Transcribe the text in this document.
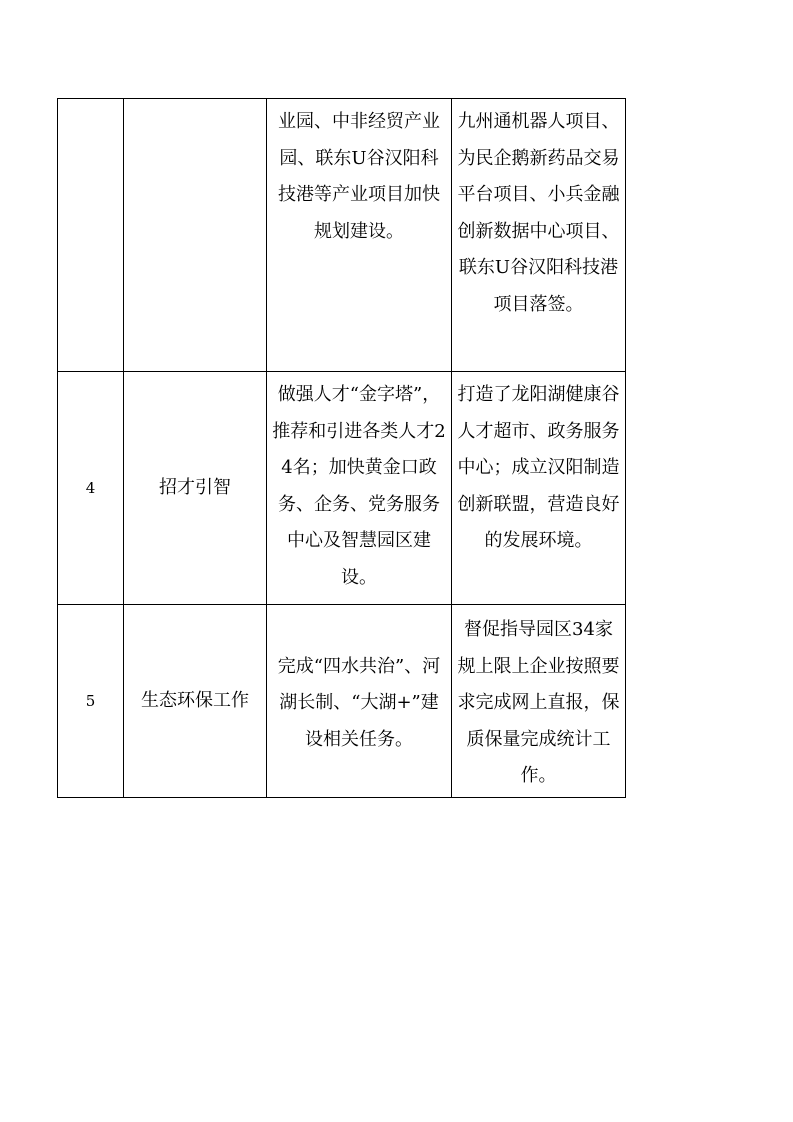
		业园、中非经贸产业园、联东U谷汉阳科技港等产业项目加快规划建设。	九州通机器人项目、为民企鹅新药品交易平台项目、小兵金融创新数据中心项目、联东U谷汉阳科技港项目落签。

4	招才引智	做强人才“金字塔”，推荐和引进各类人才24名；加快黄金口政务、企务、党务服务中心及智慧园区建设。	打造了龙阳湖健康谷人才超市、政务服务中心；成立汉阳制造创新联盟，营造良好的发展环境。

5	生态环保工作	完成“四水共治”、河湖长制、“大湖+”建设相关任务。	督促指导园区34家规上限上企业按照要求完成网上直报，保质保量完成统计工作。
